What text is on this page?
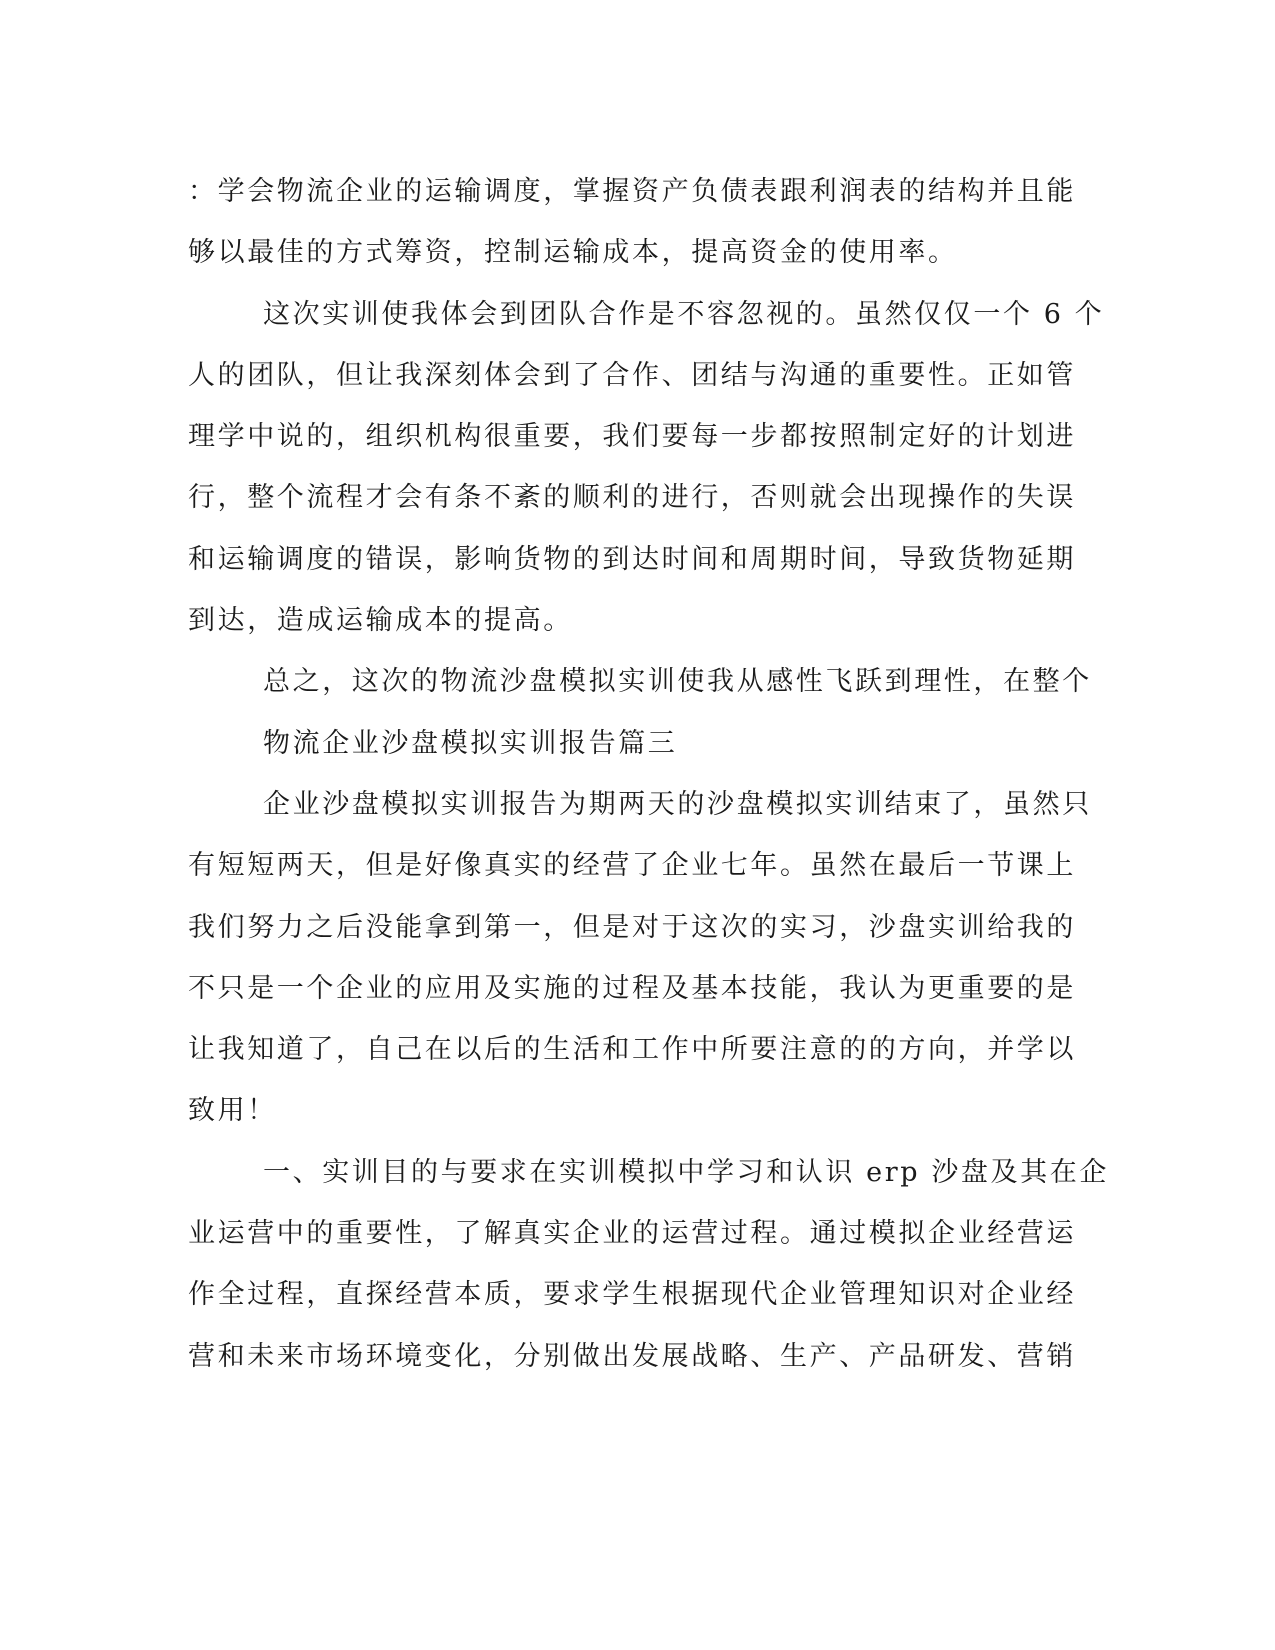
：学会物流企业的运输调度，掌握资产负债表跟利润表的结构并且能
够以最佳的方式筹资，控制运输成本，提高资金的使用率。
这次实训使我体会到团队合作是不容忽视的。虽然仅仅一个 6 个
人的团队，但让我深刻体会到了合作、团结与沟通的重要性。正如管
理学中说的，组织机构很重要，我们要每一步都按照制定好的计划进
行，整个流程才会有条不紊的顺利的进行，否则就会出现操作的失误
和运输调度的错误，影响货物的到达时间和周期时间，导致货物延期
到达，造成运输成本的提高。
总之，这次的物流沙盘模拟实训使我从感性飞跃到理性，在整个
物流企业沙盘模拟实训报告篇三
企业沙盘模拟实训报告为期两天的沙盘模拟实训结束了，虽然只
有短短两天，但是好像真实的经营了企业七年。虽然在最后一节课上
我们努力之后没能拿到第一，但是对于这次的实习，沙盘实训给我的
不只是一个企业的应用及实施的过程及基本技能，我认为更重要的是
让我知道了，自己在以后的生活和工作中所要注意的的方向，并学以
致用！
一、实训目的与要求在实训模拟中学习和认识 erp 沙盘及其在企
业运营中的重要性，了解真实企业的运营过程。通过模拟企业经营运
作全过程，直探经营本质，要求学生根据现代企业管理知识对企业经
营和未来市场环境变化，分别做出发展战略、生产、产品研发、营销
